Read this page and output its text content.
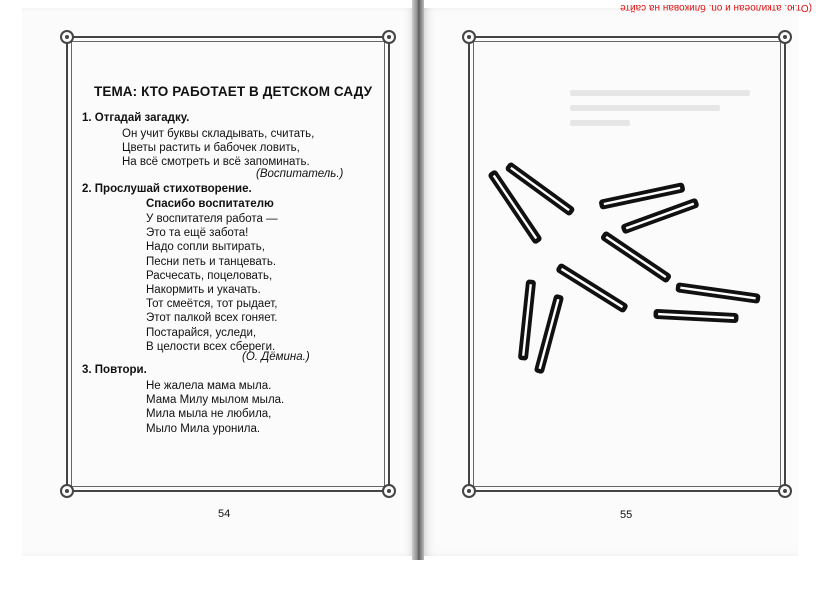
(От.ю. аткилоеан и оп. бликован на сайте
ТЕМА: КТО РАБОТАЕТ В ДЕТСКОМ САДУ
1. Отгадай загадку.
Он учит буквы складывать, считать,
Цветы растить и бабочек ловить,
На всё смотреть и всё запоминать.
(Воспитатель.)
2. Прослушай стихотворение.
Спасибо воспитателю
У воспитателя работа —
Это та ещё забота!
Надо сопли вытирать,
Песни петь и танцевать.
Расчесать, поцеловать,
Накормить и укачать.
Тот смеётся, тот рыдает,
Этот палкой всех гоняет.
Постарайся, уследи,
В целости всех сбереги.
(О. Дёмина.)
3. Повтори.
Не жалела мама мыла.
Мама Милу мылом мыла.
Мила мыла не любила,
Мыло Мила уронила.
54	55
